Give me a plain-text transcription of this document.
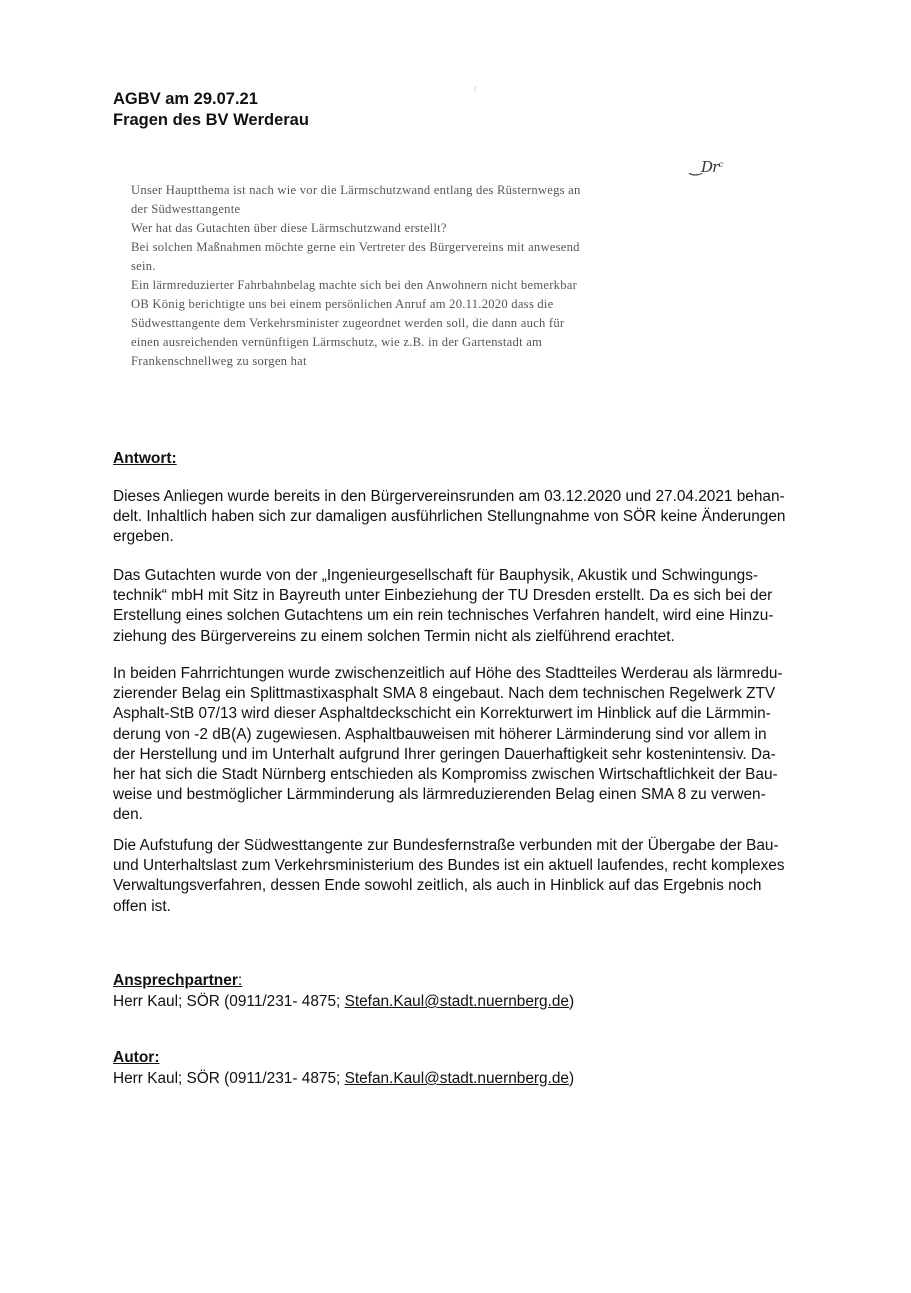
AGBV am 29.07.21
Fragen des BV Werderau
ı
‿Drᶜ
Unser Hauptthema ist nach wie vor die Lärmschutzwand entlang des Rüsternwegs an
der Südwesttangente
Wer hat das Gutachten über diese Lärmschutzwand erstellt?
Bei solchen Maßnahmen möchte gerne ein Vertreter des Bürgervereins mit anwesend
sein.
Ein lärmreduzierter Fahrbahnbelag machte sich bei den Anwohnern nicht bemerkbar
OB König berichtigte uns bei einem persönlichen Anruf am 20.11.2020 dass die
Südwesttangente dem Verkehrsminister zugeordnet werden soll, die dann auch für
einen ausreichenden vernünftigen Lärmschutz, wie z.B. in der Gartenstadt am
Frankenschnellweg zu sorgen hat
Antwort:

Dieses Anliegen wurde bereits in den Bürgervereinsrunden am 03.12.2020 und 27.04.2021 behan-
delt. Inhaltlich haben sich zur damaligen ausführlichen Stellungnahme von SÖR keine Änderungen
ergeben.

Das Gutachten wurde von der „Ingenieurgesellschaft für Bauphysik, Akustik und Schwingungs-
technik“ mbH mit Sitz in Bayreuth unter Einbeziehung der TU Dresden erstellt. Da es sich bei der
Erstellung eines solchen Gutachtens um ein rein technisches Verfahren handelt, wird eine Hinzu-
ziehung des Bürgervereins zu einem solchen Termin nicht als zielführend erachtet.

In beiden Fahrrichtungen wurde zwischenzeitlich auf Höhe des Stadtteiles Werderau als lärmredu-
zierender Belag ein Splittmastixasphalt SMA 8 eingebaut. Nach dem technischen Regelwerk ZTV
Asphalt-StB 07/13 wird dieser Asphaltdeckschicht ein Korrekturwert im Hinblick auf die Lärmmin-
derung von -2 dB(A) zugewiesen. Asphaltbauweisen mit höherer Lärminderung sind vor allem in
der Herstellung und im Unterhalt aufgrund Ihrer geringen Dauerhaftigkeit sehr kostenintensiv. Da-
her hat sich die Stadt Nürnberg entschieden als Kompromiss zwischen Wirtschaftlichkeit der Bau-
weise und bestmöglicher Lärmminderung als lärmreduzierenden Belag einen SMA 8 zu verwen-
den.

Die Aufstufung der Südwesttangente zur Bundesfernstraße verbunden mit der Übergabe der Bau-
und Unterhaltslast zum Verkehrsministerium des Bundes ist ein aktuell laufendes, recht komplexes
Verwaltungsverfahren, dessen Ende sowohl zeitlich, als auch in Hinblick auf das Ergebnis noch
offen ist.

Ansprechpartner:
Herr Kaul; SÖR (0911/231- 4875; Stefan.Kaul@stadt.nuernberg.de)
Autor:
Herr Kaul; SÖR (0911/231- 4875; Stefan.Kaul@stadt.nuernberg.de)
